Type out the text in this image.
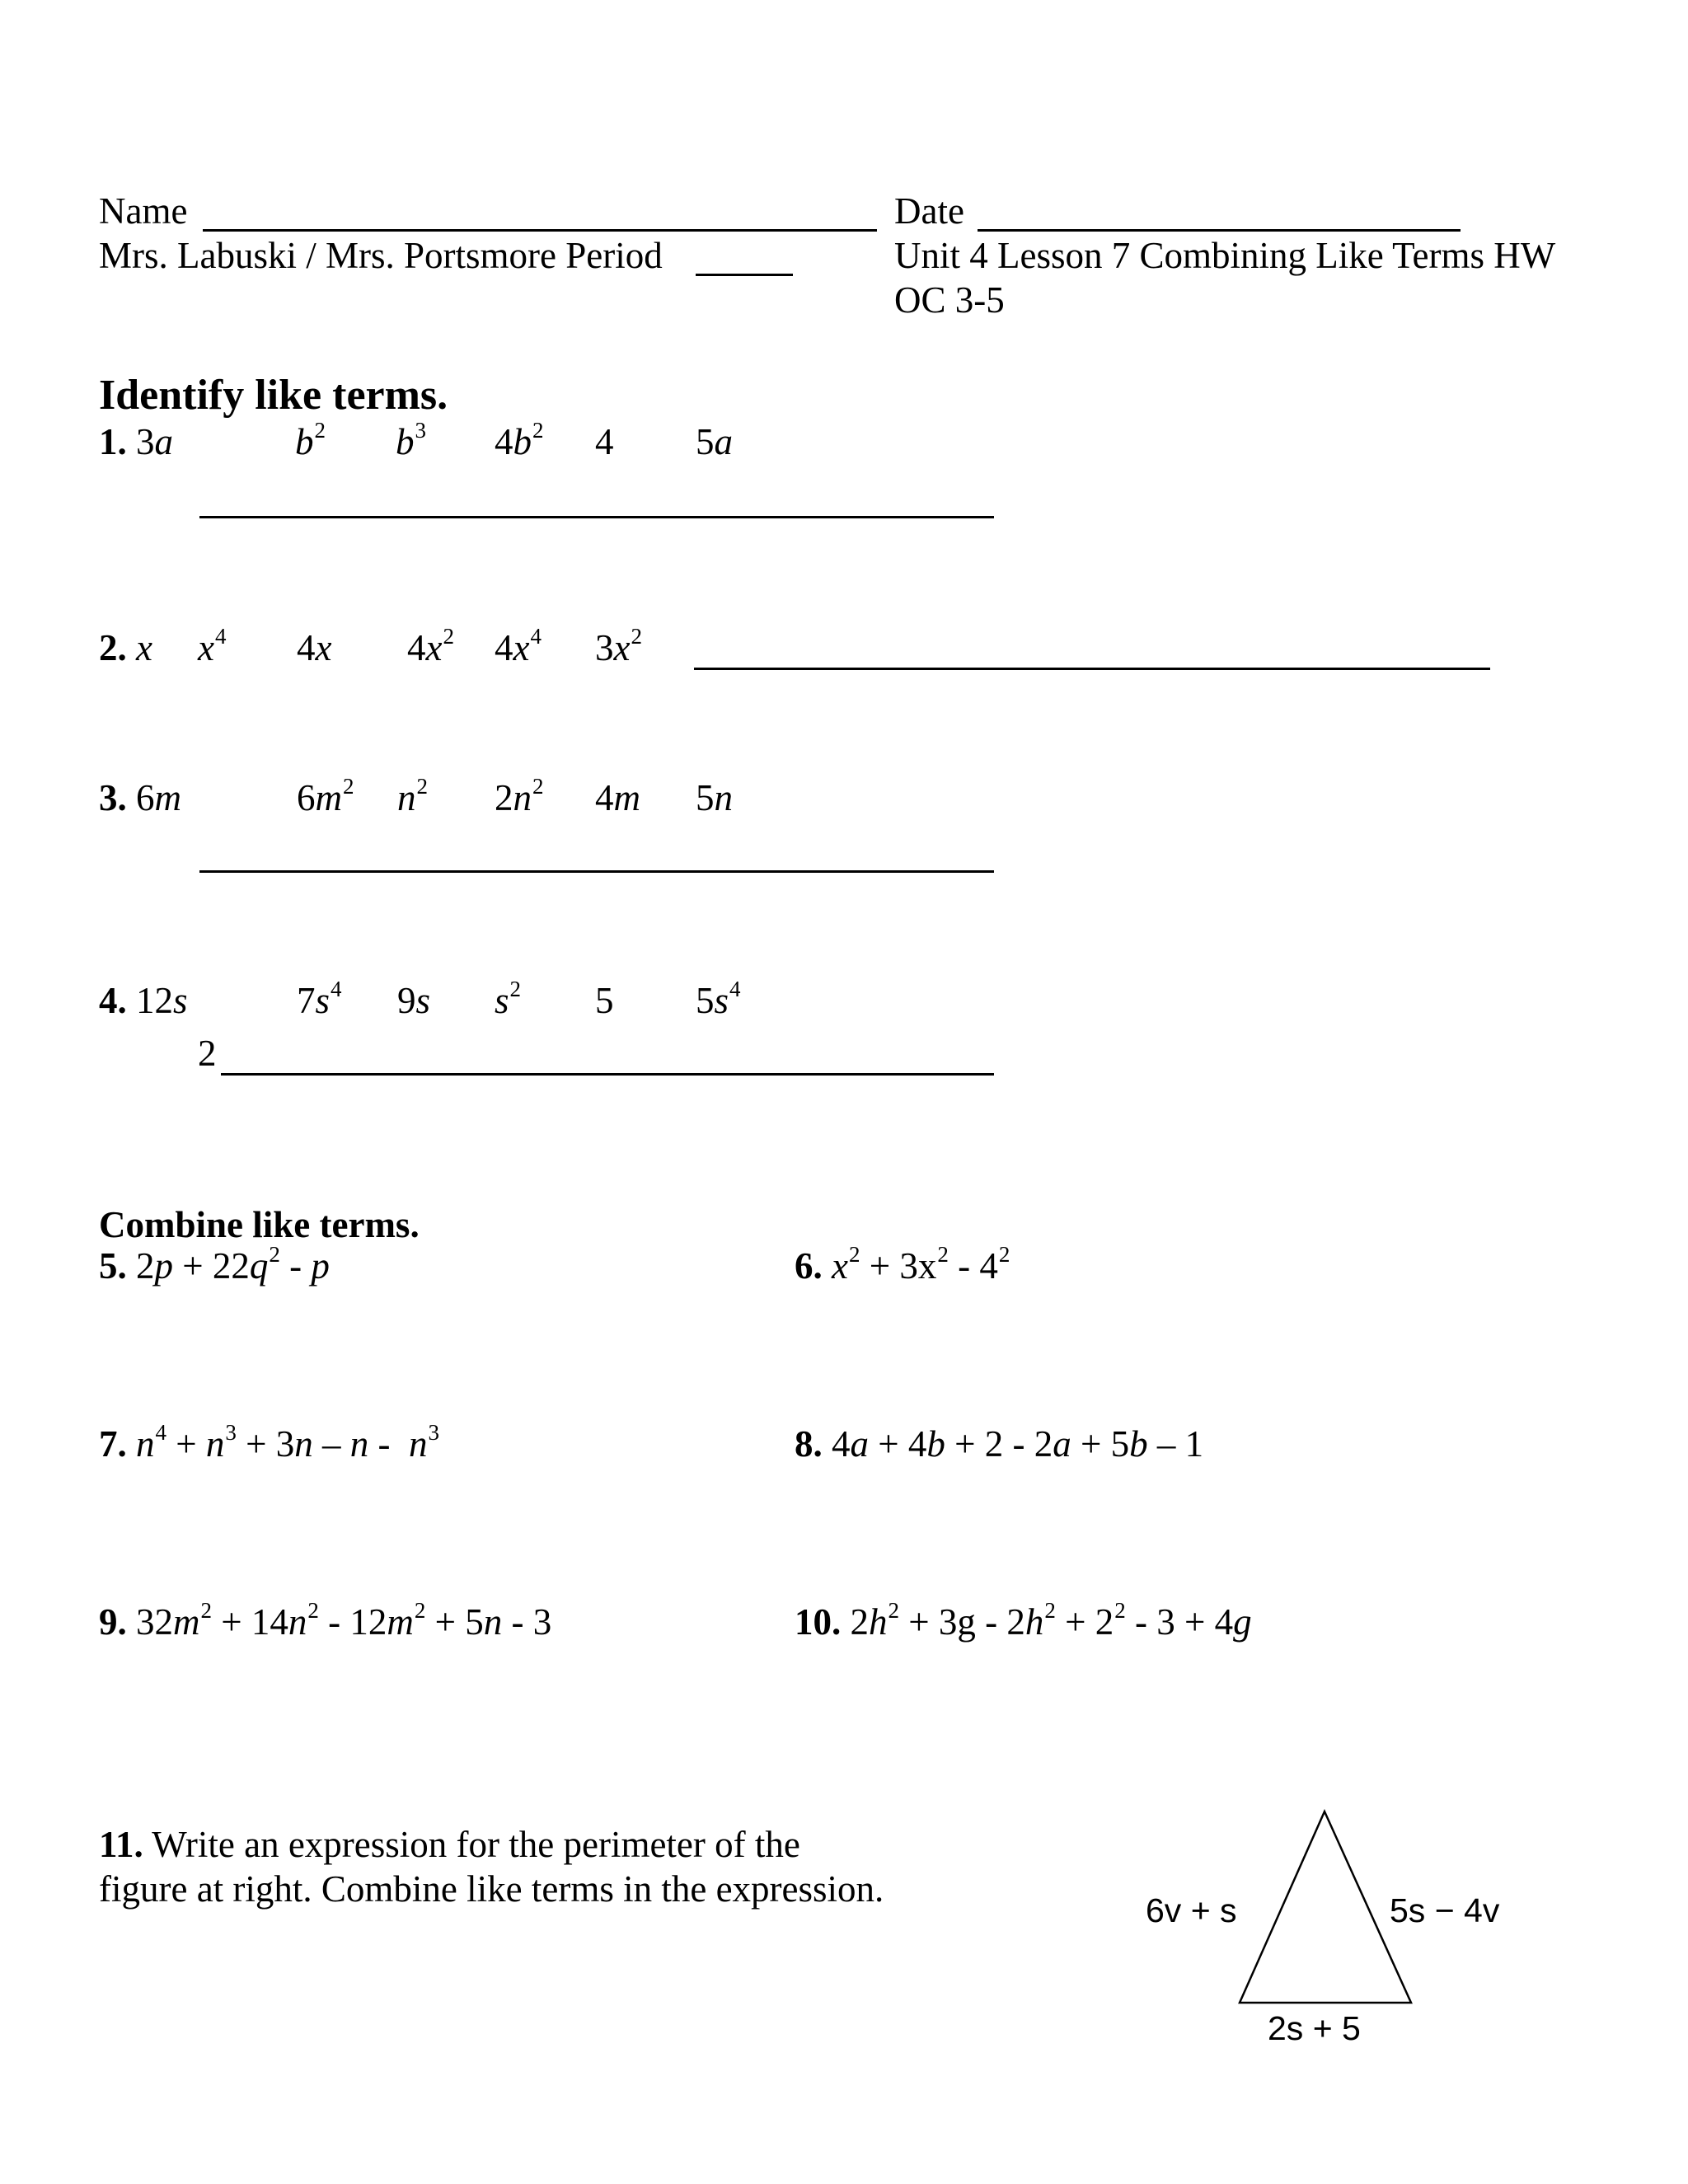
Name	Date
Mrs. Labuski / Mrs. Portsmore Period	Unit 4 Lesson 7 Combining Like Terms HW
OC 3-5
Identify like terms.
1. 3a	$b^2$ $b^3$ $4b^2$ 4 5a
2. x $x^4$ 4x $4x^2$ $4x^4$ $3x^2$
3. 6m	$6m^2$ $n^2$ $2n^2$ 4m 5n
4. 12s	$7s^4$ 9s $s^2$ 5 $5s^4$
2
Combine like terms.
5. $2p + 22q^2 - p$	6. $x^2 + 3x^2 - 4^2$
7. $n^4 + n^3 + 3n - n - n^3$	8. 4a + 4b + 2 - 2a + 5b – 1
9. $32m^2 + 14n^2 - 12m^2 + 5n - 3$	10. $2h^2 + 3g - 2h^2 + 2^2 - 3 + 4g$
11. Write an expression for the perimeter of the
figure at right. Combine like terms in the expression.
6v + s	5s − 4v
2s + 5
